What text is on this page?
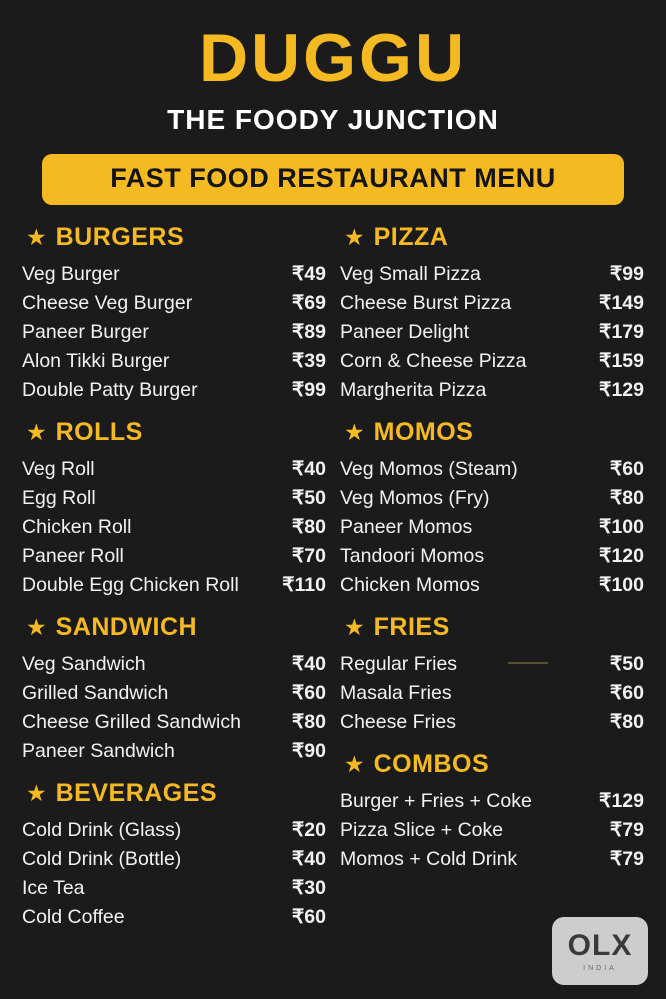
DUGGU
THE FOODY JUNCTION
FAST FOOD RESTAURANT MENU
★ BURGERS
Veg Burger	₹49
Cheese Veg Burger	₹69
Paneer Burger	₹89
Alon Tikki Burger	₹39
Double Patty Burger	₹99
★ ROLLS
Veg Roll	₹40
Egg Roll	₹50
Chicken Roll	₹80
Paneer Roll	₹70
Double Egg Chicken Roll	₹110
★ SANDWICH
Veg Sandwich	₹40
Grilled Sandwich	₹60
Cheese Grilled Sandwich	₹80
Paneer Sandwich	₹90
★ BEVERAGES
Cold Drink (Glass)	₹20
Cold Drink (Bottle)	₹40
Ice Tea	₹30
Cold Coffee	₹60
★ PIZZA
Veg Small Pizza	₹99
Cheese Burst Pizza	₹149
Paneer Delight	₹179
Corn & Cheese Pizza	₹159
Margherita Pizza	₹129
★ MOMOS
Veg Momos (Steam)	₹60
Veg Momos (Fry)	₹80
Paneer Momos	₹100
Tandoori Momos	₹120
Chicken Momos	₹100
★ FRIES
Regular Fries	₹50
Masala Fries	₹60
Cheese Fries	₹80
★ COMBOS
Burger + Fries + Coke	₹129
Pizza Slice + Coke	₹79
Momos + Cold Drink	₹79
OLX
INDIA
